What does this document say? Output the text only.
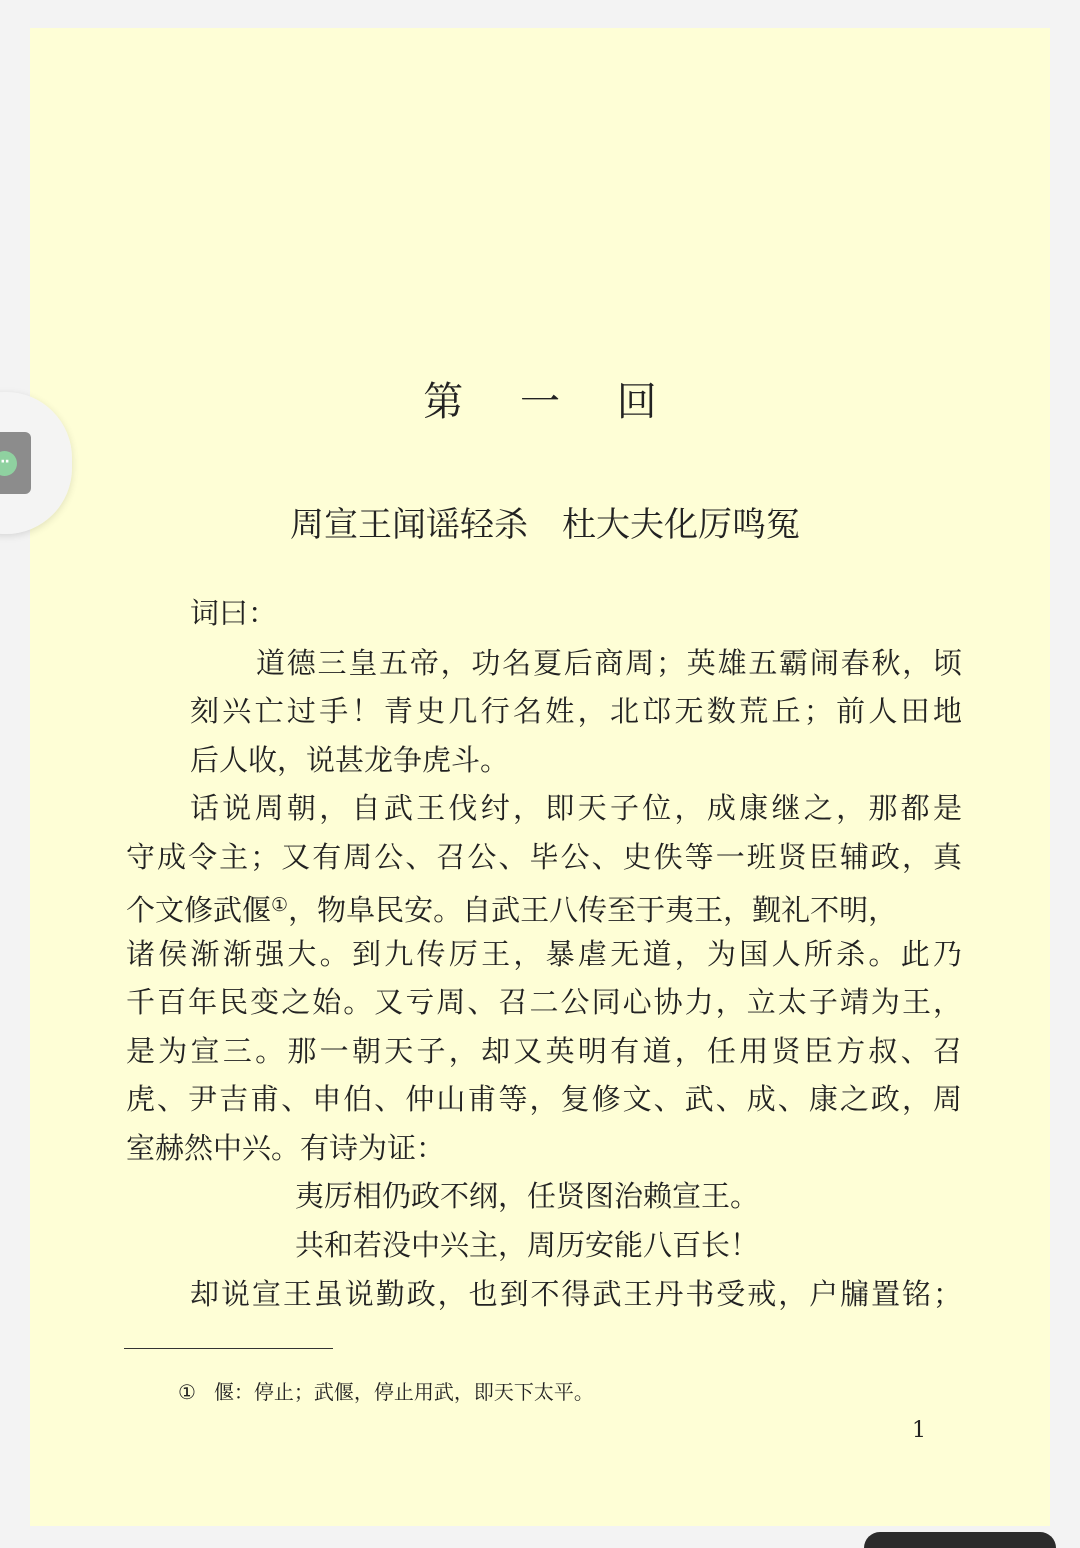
第 一 回
周宣王闻谣轻杀　杜大夫化厉鸣冤
词曰：
道德三皇五帝，功名夏后商周；英雄五霸闹春秋，顷
刻兴亡过手！青史几行名姓，北邙无数荒丘；前人田地
后人收，说甚龙争虎斗。
话说周朝，自武王伐纣，即天子位，成康继之，那都是
守成令主；又有周公、召公、毕公、史佚等一班贤臣辅政，真
个文修武偃①，物阜民安。自武王八传至于夷王，觐礼不明，
诸侯渐渐强大。到九传厉王，暴虐无道，为国人所杀。此乃
千百年民变之始。又亏周、召二公同心协力，立太子靖为王，
是为宣三。那一朝天子，却又英明有道，任用贤臣方叔、召
虎、尹吉甫、申伯、仲山甫等，复修文、武、成、康之政，周
室赫然中兴。有诗为证：
夷厉相仍政不纲，任贤图治赖宣王。
共和若没中兴主，周历安能八百长！
却说宣王虽说勤政，也到不得武王丹书受戒，户牖置铭；
① 偃：停止；武偃，停止用武，即天下太平。
1
··
